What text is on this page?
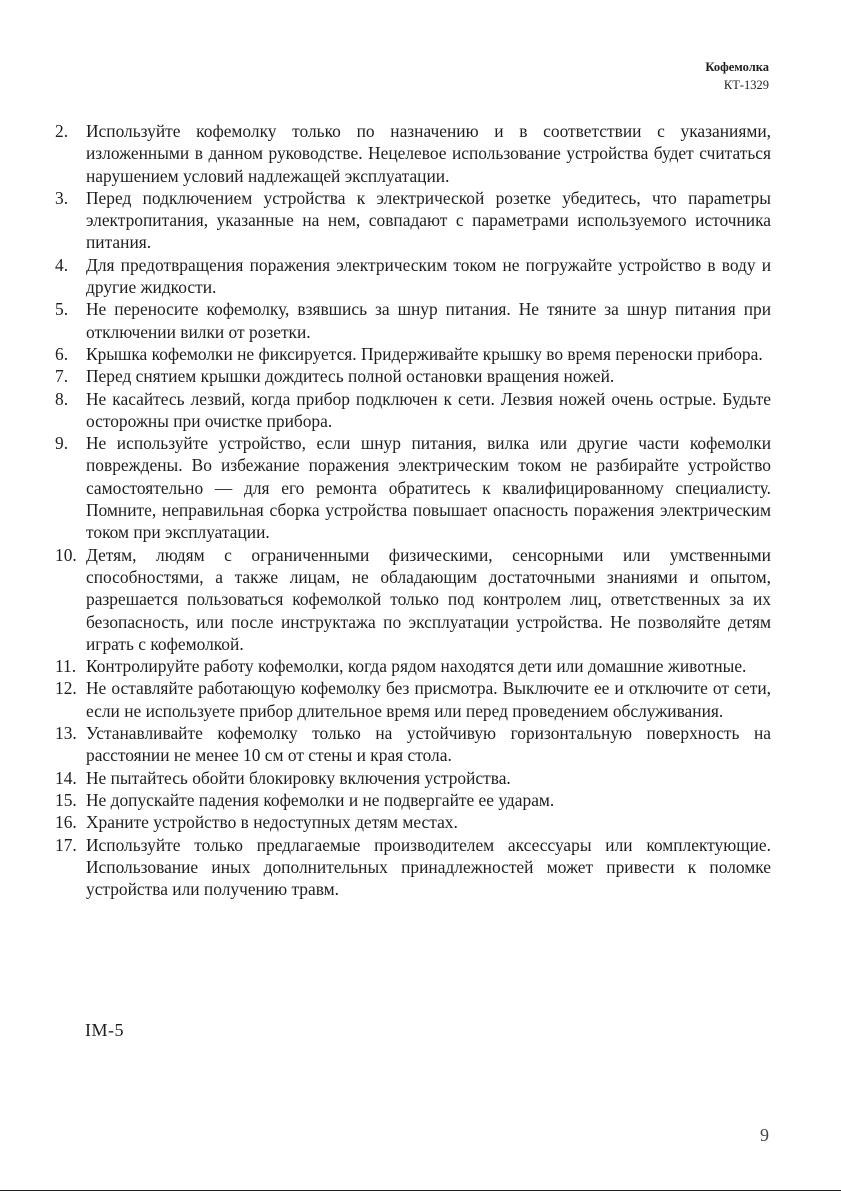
Кофемолка
КТ-1329
2. Используйте кофемолку только по назначению и в соответствии с указаниями, изложенными в данном руководстве. Нецелевое использование устройства будет считаться нарушением условий надлежащей эксплуатации.
3. Перед подключением устройства к электрической розетке убедитесь, что параmетры электропитания, указанные на нем, совпадают с параметрами используемого источника питания.
4. Для предотвращения поражения электрическим током не погружайте устройство в воду и другие жидкости.
5. Не переносите кофемолку, взявшись за шнур питания. Не тяните за шнур питания при отключении вилки от розетки.
6. Крышка кофемолки не фиксируется. Придерживайте крышку во время переноски прибора.
7. Перед снятием крышки дождитесь полной остановки вращения ножей.
8. Не касайтесь лезвий, когда прибор подключен к сети. Лезвия ножей очень острые. Будьте осторожны при очистке прибора.
9. Не используйте устройство, если шнур питания, вилка или другие части кофемолки повреждены. Во избежание поражения электрическим током не разбирайте устройство самостоятельно — для его ремонта обратитесь к квалифицированному специалисту. Помните, неправильная сборка устройства повышает опасность поражения электрическим током при эксплуатации.
10. Детям, людям с ограниченными физическими, сенсорными или умственными способностями, а также лицам, не обладающим достаточными знаниями и опытом, разрешается пользоваться кофемолкой только под контролем лиц, ответственных за их безопасность, или после инструктажа по эксплуатации устройства. Не позволяйте детям играть с кофемолкой.
11. Контролируйте работу кофемолки, когда рядом находятся дети или домашние животные.
12. Не оставляйте работающую кофемолку без присмотра. Выключите ее и отключите от сети, если не используете прибор длительное время или перед проведением обслуживания.
13. Устанавливайте кофемолку только на устойчивую горизонтальную поверхность на расстоянии не менее 10 см от стены и края стола.
14. Не пытайтесь обойти блокировку включения устройства.
15. Не допускайте падения кофемолки и не подвергайте ее ударам.
16. Храните устройство в недоступных детям местах.
17. Используйте только предлагаемые производителем аксессуары или комплектующие. Использование иных дополнительных принадлежностей может привести к поломке устройства или получению травм.
IM-5
9
